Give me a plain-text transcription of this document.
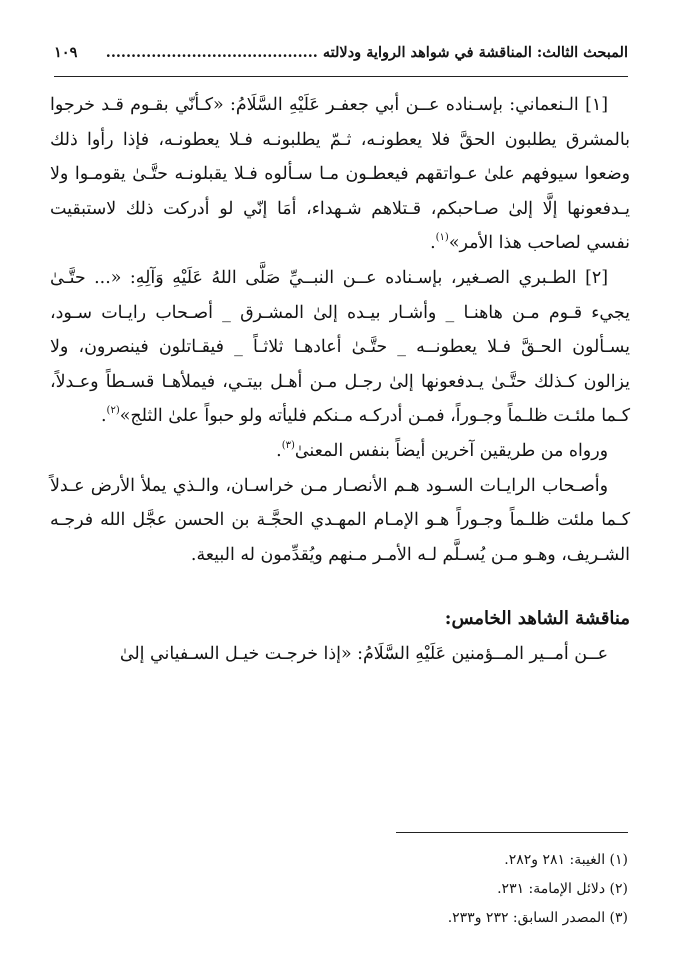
المبحث الثالث: المناقشة في شواهد الرواية ودلالته ..........................................
١٠٩

[١] الـنعماني: بإسـناده عــن أبي جعفـر عَلَيْهِ السَّلَامُ: «كـأنّي بقـوم قـد خرجوا بالمشرق يطلبون الحقَّ فلا يعطونـه، ثـمّ يطلبونـه فـلا يعطونـه، فإذا رأوا ذلك وضعوا سيوفهم علىٰ عـواتقهم فيعطـون مـا سـألوه فـلا يقبلونـه حتَّـىٰ يقومـوا ولا يـدفعونها إلَّا إلىٰ صـاحبكم، قـتلاهم شـهداء، أمَا إنّي لو أدركت ذلك لاستبقيت نفسي لصاحب هذا الأمر»$^{(١)}$.

[٢] الطـبري الصـغير، بإسـناده عــن النبــيِّ صَلَّى اللهُ عَلَيْهِ وَآلِهِ: «... حتَّـىٰ يجيء قـوم مـن هاهنـا _ وأشـار بيـده إلىٰ المشـرق _ أصـحاب رايـات سـود، يسـألون الحـقَّ فـلا يعطونــه _ حتَّـىٰ أعادهـا ثلاثـاً _ فيقـاتلون فينصرون، ولا يزالون كـذلك حتَّـىٰ يـدفعونها إلىٰ رجـل مـن أهـل بيتـي، فيملأهـا قسـطاً وعـدلاً، كـما ملئـت ظلـماً وجـوراً، فمـن أدركـه مـنكم فليأته ولو حبواً علىٰ الثلج»$^{(٢)}$.

ورواه من طريقين آخرين أيضاً بنفس المعنىٰ$^{(٣)}$.

وأصـحاب الرايـات السـود هـم الأنصـار مـن خراسـان، والـذي يملأ الأرض عـدلاً كـما ملئت ظلـماً وجـوراً هـو الإمـام المهـدي الحجَّـة بن الحسن عجَّل الله فرجـه الشـريف، وهـو مـن يُسـلَّم لـه الأمـر مـنهم ويُقدِّمون له البيعة.

مناقشة الشاهد الخامس:

عــن أمــير المــؤمنين عَلَيْهِ السَّلَامُ: «إذا خرجـت خيـل السـفياني إلىٰ

(١) الغيبة: ٢٨١ و٢٨٢.
(٢) دلائل الإمامة: ٢٣١.
(٣) المصدر السابق: ٢٣٢ و٢٣٣.
